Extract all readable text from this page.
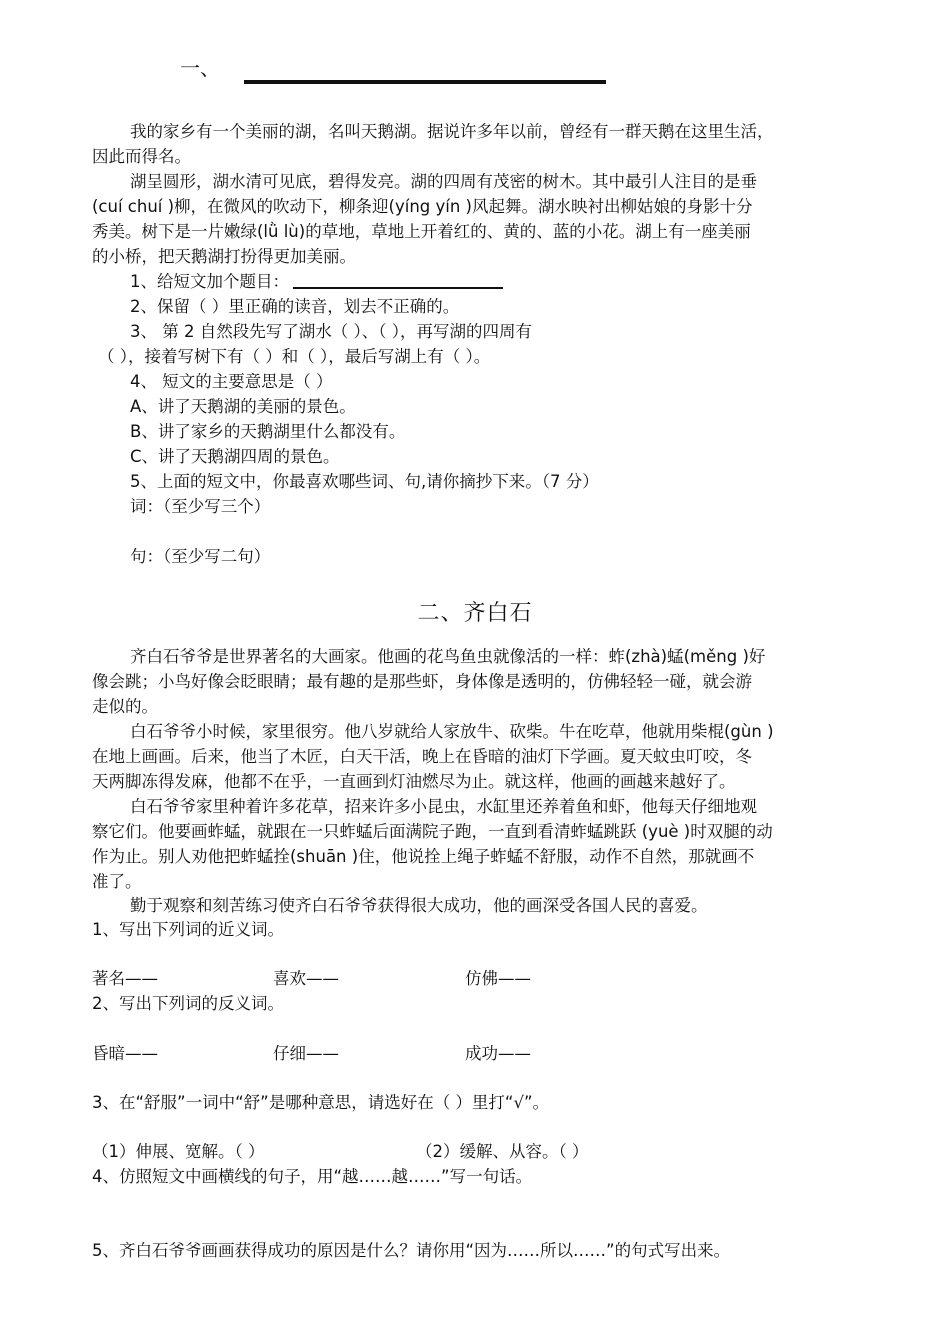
一、
我的家乡有一个美丽的湖，名叫天鹅湖。据说许多年以前，曾经有一群天鹅在这里生活，
因此而得名。
湖呈圆形，湖水清可见底，碧得发亮。湖的四周有茂密的树木。其中最引人注目的是垂
(cuí chuí )柳，在微风的吹动下，柳条迎(yíng yín )风起舞。湖水映衬出柳姑娘的身影十分
秀美。树下是一片嫩绿(lǜ lù)的草地，草地上开着红的、黄的、蓝的小花。湖上有一座美丽
的小桥，把天鹅湖打扮得更加美丽。
1、给短文加个题目：
2、保留（ ）里正确的读音，划去不正确的。
3、 第 2 自然段先写了湖水（ ）、（ ），再写湖的四周有
（ ），接着写树下有（ ）和（ ），最后写湖上有（ ）。
4、 短文的主要意思是（ ）
A、讲了天鹅湖的美丽的景色。
B、讲了家乡的天鹅湖里什么都没有。
C、讲了天鹅湖四周的景色。
5、上面的短文中，你最喜欢哪些词、句,请你摘抄下来。（7 分）
词：（至少写三个）
句：（至少写二句）
二、齐白石
齐白石爷爷是世界著名的大画家。他画的花鸟鱼虫就像活的一样：蚱(zhà)蜢(měng )好
像会跳；小鸟好像会眨眼睛；最有趣的是那些虾，身体像是透明的，仿佛轻轻一碰，就会游
走似的。
白石爷爷小时候，家里很穷。他八岁就给人家放牛、砍柴。牛在吃草，他就用柴棍(gùn )
在地上画画。后来，他当了木匠，白天干活，晚上在昏暗的油灯下学画。夏天蚊虫叮咬，冬
天两脚冻得发麻，他都不在乎，一直画到灯油燃尽为止。就这样，他画的画越来越好了。
白石爷爷家里种着许多花草，招来许多小昆虫，水缸里还养着鱼和虾，他每天仔细地观
察它们。他要画蚱蜢，就跟在一只蚱蜢后面满院子跑，一直到看清蚱蜢跳跃 (yuè )时双腿的动
作为止。别人劝他把蚱蜢拴(shuān )住，他说拴上绳子蚱蜢不舒服，动作不自然，那就画不
准了。
勤于观察和刻苦练习使齐白石爷爷获得很大成功，他的画深受各国人民的喜爱。
1、写出下列词的近义词。
著名——	喜欢——	仿佛——
2、写出下列词的反义词。
昏暗——	仔细——	成功——
3、在“舒服”一词中“舒”是哪种意思，请选好在（ ）里打“√”。
（1）伸展、宽解。（ ）	（2）缓解、从容。（ ）
4、仿照短文中画横线的句子，用“越……越……”写一句话。
5、齐白石爷爷画画获得成功的原因是什么？请你用“因为……所以……”的句式写出来。
